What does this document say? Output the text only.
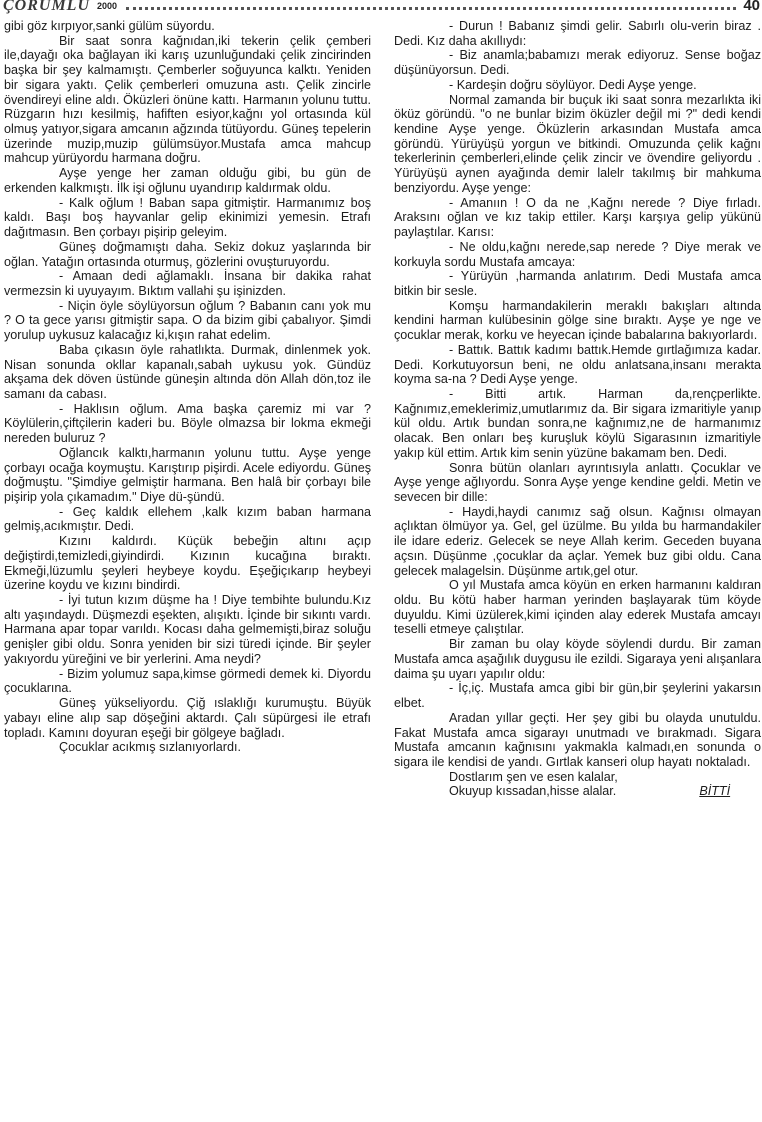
ÇORUMLU 2000	40

gibi göz kırpıyor,sanki gülüm süyordu.

Bir saat sonra kağnıdan,iki tekerin çelik çemberi ile,dayağı oka bağlayan iki karış uzunluğundaki çelik zincirinden başka bir şey kalmamıştı. Çemberler soğuyunca kalktı. Yeniden bir sigara yaktı. Çelik çemberleri omuzuna astı. Çelik zincirle övendireyi eline aldı. Öküzleri önüne kattı. Harmanın yolunu tuttu. Rüzgarın hızı kesilmiş, hafiften esiyor,kağnı yol ortasında kül olmuş yatıyor,sigara amcanın ağzında tütüyordu. Güneş tepelerin üzerinde muzip,muzip gülümsüyor.Mustafa amca mahcup mahcup yürüyordu harmana doğru.

Ayşe yenge her zaman olduğu gibi, bu gün de erkenden kalkmıştı. İlk işi oğlunu uyandırıp kaldırmak oldu.

- Kalk oğlum ! Baban sapa gitmiştir. Harmanımız boş kaldı. Başı boş hayvanlar gelip ekinimizi yemesin. Etrafı dağıtmasın. Ben çorbayı pişirip geleyim.

Güneş doğmamıştı daha. Sekiz dokuz yaşlarında bir oğlan. Yatağın ortasında oturmuş, gözlerini ovuşturuyordu.

- Amaan dedi ağlamaklı. İnsana bir dakika rahat vermezsin ki uyuyayım. Bıktım vallahi şu işinizden.

- Niçin öyle söylüyorsun oğlum ? Babanın canı yok mu ? O ta gece yarısı gitmiştir sapa. O da bizim gibi çabalıyor. Şimdi yorulup uykusuz kalacağız ki,kışın rahat edelim.

Baba çıkasın öyle rahatlıkta. Durmak, dinlenmek yok. Nisan sonunda okllar kapanalı,sabah uykusu yok. Gündüz akşama dek döven üstünde güneşin altında dön Allah dön,toz ile samanı da cabası.

- Haklısın oğlum. Ama başka çaremiz mi var ? Köylülerin,çiftçilerin kaderi bu. Böyle olmazsa bir lokma ekmeği nereden buluruz ?

Oğlancık kalktı,harmanın yolunu tuttu. Ayşe yenge çorbayı ocağa koymuştu. Karıştırıp pişirdi. Acele ediyordu. Güneş doğmuştu. "Şimdiye gelmiştir harmana. Ben halâ bir çorbayı bile pişirip yola çıkamadım." Diye dü-şündü.

- Geç kaldık ellehem ,kalk kızım baban harmana gelmiş,acıkmıştır. Dedi.

Kızını kaldırdı. Küçük bebeğin altını açıp değiştirdi,temizledi,giyindirdi. Kızının kucağına bıraktı. Ekmeği,lüzumlu şeyleri heybeye koydu. Eşeğiçıkarıp heybeyi üzerine koydu ve kızını bindirdi.

- İyi tutun kızım düşme ha ! Diye tembihte bulundu.Kız altı yaşındaydı. Düşmezdi eşekten, alışıktı. İçinde bir sıkıntı vardı. Harmana apar topar varıldı. Kocası daha gelmemişti,biraz soluğu genişler gibi oldu. Sonra yeniden bir sizi türedi içinde. Bir şeyler yakıyordu yüreğini ve bir yerlerini. Ama neydi?

- Bizim yolumuz sapa,kimse görmedi demek ki. Diyordu çocuklarına.

Güneş yükseliyordu. Çiğ ıslaklığı kurumuştu. Büyük yabayı eline alıp sap döşeğini aktardı. Çalı süpürgesi ile etrafı topladı. Kamını doyuran eşeği bir gölgeye bağladı.

Çocuklar acıkmış sızlanıyorlardı.

- Durun ! Babanız şimdi gelir. Sabırlı olu-verin biraz . Dedi. Kız daha akıllıydı:

- Biz anamla;babamızı merak ediyoruz. Sense boğaz düşünüyorsun. Dedi.

- Kardeşin doğru söylüyor. Dedi Ayşe yenge.

Normal zamanda bir buçuk iki saat sonra mezarlıkta iki öküz göründü. "o ne bunlar bizim öküzler değil mi ?" dedi kendi kendine Ayşe yenge. Öküzlerin arkasından Mustafa amca göründü. Yürüyüşü yorgun ve bitkindi. Omuzunda çelik kağnı tekerlerinin çemberleri,elinde çelik zincir ve övendire geliyordu . Yürüyüşü aynen ayağında demir lalelr takılmış bir mahkuma benziyordu. Ayşe yenge:

- Amanıın ! O da ne ,Kağnı nerede ? Diye fırladı. Araksını oğlan ve kız takip ettiler. Karşı karşıya gelip yükünü paylaştılar. Karısı:

- Ne oldu,kağnı nerede,sap nerede ? Diye merak ve korkuyla sordu Mustafa amcaya:

- Yürüyün ,harmanda anlatırım. Dedi Mustafa amca bitkin bir sesle.

Komşu harmandakilerin meraklı bakışları altında kendini harman kulübesinin gölge sine bıraktı. Ayşe ye nge ve çocuklar merak, korku ve heyecan içinde babalarına bakıyorlardı.

- Battık. Battık kadımı battık.Hemde gırtlağımıza kadar. Dedi. Korkutuyorsun beni, ne oldu anlatsana,insanı merakta koyma sa-na ? Dedi Ayşe yenge.

- Bitti artık. Harman da,rençperlikte. Kağnımız,emeklerimiz,umutlarımız da. Bir sigara izmaritiyle yanıp kül oldu. Artık bundan sonra,ne kağnımız,ne de harmanımız olacak. Ben onları beş kuruşluk köylü Sigarasının izmaritiyle yakıp kül ettim. Artık kim senin yüzüne bakamam ben. Dedi.

Sonra bütün olanları ayrıntısıyla anlattı. Çocuklar ve Ayşe yenge ağlıyordu. Sonra Ayşe yenge kendine geldi. Metin ve sevecen bir dille:

- Haydi,haydi canımız sağ olsun. Kağnısı olmayan açlıktan ölmüyor ya. Gel, gel üzülme. Bu yılda bu harmandakiler ile idare ederiz. Gelecek se neye Allah kerim. Geceden buyana açsın. Düşünme ,çocuklar da açlar. Yemek buz gibi oldu. Cana gelecek malagelsin. Düşünme artık,gel otur.

O yıl Mustafa amca köyün en erken harmanını kaldıran oldu. Bu kötü haber harman yerinden başlayarak tüm köyde duyuldu. Kimi üzülerek,kimi içinden alay ederek Mustafa amcayı teselli etmeye çalıştılar.

Bir zaman bu olay köyde söylendi durdu. Bir zaman Mustafa amca aşağılık duygusu ile ezildi. Sigaraya yeni alışanlara daima şu uyarı yapılır oldu:

- İç,iç. Mustafa amca gibi bir gün,bir şeylerini yakarsın elbet.

Aradan yıllar geçti. Her şey gibi bu olayda unutuldu. Fakat Mustafa amca sigarayı unutmadı ve bırakmadı. Sigara Mustafa amcanın kağnısını yakmakla kalmadı,en sonunda o sigara ile kendisi de yandı. Gırtlak kanseri olup hayatı noktaladı.

Dostlarım şen ve esen kalalar,

Okuyup kıssadan,hisse alalar.	BİTTİ
